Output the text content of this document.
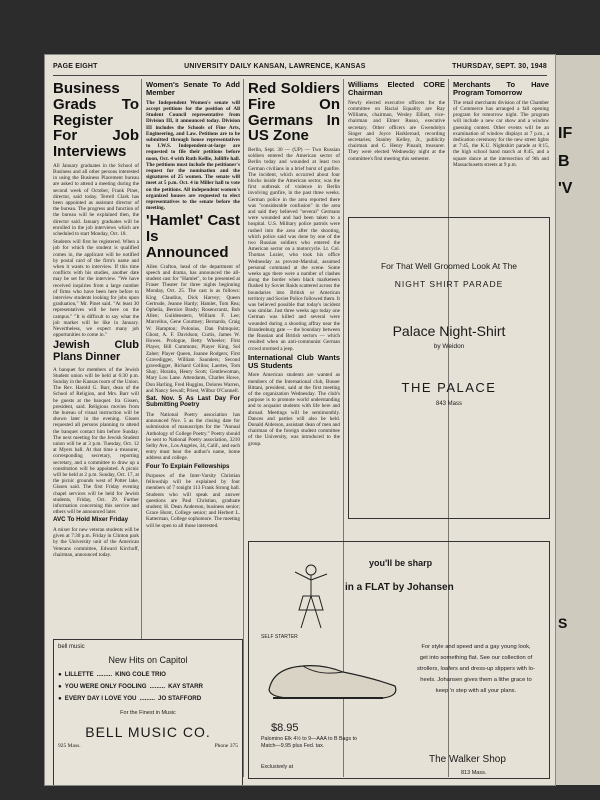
PAGE EIGHT	UNIVERSITY DAILY KANSAN, LAWRENCE, KANSAS	THURSDAY, SEPT. 30, 1948
Business Grads To Register For Job Interviews

All January graduates in the School of Business and all other persons interested in using the Business Placement bureau are asked to attend a meeting during the second week of October, Frank Pinet, director, said today. Terrell Clark has been appointed as assistant director of the bureau. The progress and function of the bureau will be explained then, the director said. January graduates will be enrolled in the job interviews which are scheduled to start Monday, Oct. 18.

Students will first be registered. When a job for which the student is qualified comes in, the applicant will be notified by postal card of the firm's name and when it wants to interview. If this time conflicts with his studies, another date may be set for the interview. "We have received inquiries from a large number of firms who have been here before to interview students looking for jobs upon graduation," Mr. Pinet said. "At least 30 representatives will be here on the campus." "It is difficult to say what the job market will be like in January. Nevertheless, we expect many job opportunities to come in."

Jewish Club Plans Dinner

A banquet for members of the Jewish Student union will be held at 6:30 p.m. Sunday in the Kansas room of the Union. The Rev. Harold G. Barr, dean of the School of Religion, and Mrs. Barr will be guests at the banquet. Ira Gissen, president, said. Religious movies from the bureau of visual instruction will be shown later in the evening. Gissen requested all persons planning to attend the banquet contact him before Sunday. The next meeting for the Jewish Student union will be at 3 p.m. Tuesday, Oct. 12 at Myers hall. At that time a treasurer, corresponding secretary, reporting secretary, and a committee to draw up a constitution will be appointed. A picnic will be held at 2 p.m. Sunday, Oct. 17, at the picnic grounds west of Potter lake, Gissen said. The first Friday evening chapel services will be held for Jewish students, Friday, Oct. 29. Further information concerning this service and others will be announced later.

AVC To Hold Mixer Friday

A mixer for new veteran students will be given at 7:30 p.m. Friday in Clinton park by the University unit of the American Veterans committee, Edward Kirchoff, chairman, announced today.

bell music
New Hits on Capitol
● LILLETTE ......... KING COLE TRIO
● YOU WERE ONLY FOOLING ......... KAY STARR
● EVERY DAY I LOVE YOU ......... JO STAFFORD
For the Finest in Music
BELL MUSIC CO.
925 Mass.	Phone 375
Women's Senate To Add Member

The Independent Women's senate will accept petitions for the position of All Student Council representative from Division III, it announced today. Division III includes the Schools of Fine Arts, Engineering, and Law. Petitions are to be submitted through house representatives to I.W.S. Independent-at-large are requested to file their petitions before noon, Oct. 4 with Ruth Kellie, Jolliffe hall. The petitions must include the petitioner's request for the nomination and the signatures of 25 women. The senate will meet at 5 p.m. Oct. 4 in Miller hall to vote on the petitions. All independent women's organized houses are requested to elect representatives to the senate before the meeting.

'Hamlet' Cast Is Announced

Allen Crafton, head of the department of speech and drama, has announced the all-student cast for "Hamlet", to be presented at Fraser Theater for three nights beginning Monday, Oct. 25. The cast is as follows: King Claudius, Dick Harvey; Queen Gertrude, Jeanne Hardy; Hamlet, Tom Rea; Ophelia, Bernice Brady; Rosencrantz, Bob Allen; Guildenstern, William F. Lee; Marcellus, Gene Courtney; Bernardo, Craig W. Hampton; Polonius, Dan Palmquist; Ghost, A. F. Davidson; Curtis, James W. Howes. Prologue, Betty Wheeler; First Player, Bill Cummons; Player King, Sol Zaher; Player Queen, Joanne Rodgers; First Gravedigger, William Saunders; Second gravedigger, Richard Collins; Laertes, Tom Shay; Horatio, Henry Scott; Gentlewoman, Mary Lou Lane. Attendants, Charles Howe, Don Harling, Fred Huggins, Dolores Warren, and Nancy Sewall; Priest, Wilbur O'Connell.

Sat. Nov. 5 As Last Day For Submitting Poetry

The National Poetry association has announced Nov. 5 as the closing date for submission of manuscripts for the "Annual Anthology of College Poetry." Poetry should be sent to National Poetry association, 3210 Selby Ave., Los Angeles, 34, Calif., and each entry must bear the author's name, home address and college.

Four To Explain Fellowships

Purposes of the Inter-Varsity Christian fellowship will be explained by four members of 7 tonight 113 Frank Strong hall. Students who will speak and answer questions are Paul Christian, graduate student; H. Dean Anderson, business senior; Grace Hurst, College senior; and Herbert L. Katterman, College sophomore. The meeting will be open to all those interested.

Red Soldiers Fire On Germans In US Zone

Berlin, Sept. 30 — (UP) — Two Russian soldiers entered the American sector of Berlin today and wounded at least two German civilians in a brief burst of gunfire. The incident, which occurred about four blocks inside the American sector, was the first outbreak of violence in Berlin involving gunfire, in the past three weeks. German police in the area reported there was "considerable confusion" in the area and said they believed "several" Germans were wounded and had been taken to a hospital. U.S. Military police patrols were rushed into the area after the shooting, which police said was done by one of the two Russian soldiers who entered the American sector on a motorcycle. Lt. Col. Thomas Lozier, who took his office Wednesday as provost-Marshal, assumed personal command at the scene. Some weeks ago there were a number of clashes along the border when black marketeers flushed by Soviet Raids scattered across the boundaries into British or American territory and Soviet Police followed them. It was believed possible that today's incident was similar. Just three weeks ago today one German was killed and several were wounded during a shooting affray near the Brandenburg gate — the boundary between the Russian and British sectors — which resulted when an anti-communist German crowd stormed a jeep.

International Club Wants US Students

More American students are wanted as members of the International club, Busser Bittani, president, said at the first meeting of the organization Wednesday. The club's purpose is to promote world understanding and to acquaint students with life here and abroad. Meetings will be semimonthly. Dances and parties will also be held. Donald Alderson, assistant dean of men and chairman of the foreign student committee of the University, was introduced to the group.

Williams Elected CORE Chairman

Newly elected executive officers for the committee on Racial Equality are Ray Williams, chairman, Wesley Elliott, vice-chairman and Elmer Russo, executive secretary. Other officers are Gwendolyn Singer and Joyce Harkleroad, recording secretaries; Stanley Kelley, Jr., publicity chairman and C. Henry Pinault, treasurer. They were elected Wednesday night at the committee's first meeting this semester.

Merchants To Have Program Tomorrow

The retail merchants division of the Chamber of Commerce has arranged a fall opening program for tomorrow night. The program will include a new car show and a window guessing contest. Other events will be an examination of window displays at 7 p.m., a dedication ceremony for the new street lights at 7:45, the K.U. Nightshirt parade at 8:15, the high school band march at 8:45, and a square dance at the intersection of 9th and Massachusetts streets at 9 p.m.

For That Well Groomed Look At The
NIGHT SHIRT PARADE
Palace Night-Shirt
by Weidon
THE PALACE
843 Mass
you'll be sharp
in a FLAT by Johansen
SELF STARTER
For style and speed and a gay young look, get into something flat. See our collection of strollers, loafers and dress-up slippers with lo-heels. Johansen gives them a lithe grace to keep 'n step with all your plans.
$8.95
Palomino Elk 4½ to 9—AAA to B Bags to Match—9.95 plus Fed. tax.
Exclusively at
The Walker Shop
813 Mass.
IF
B
'V
S
